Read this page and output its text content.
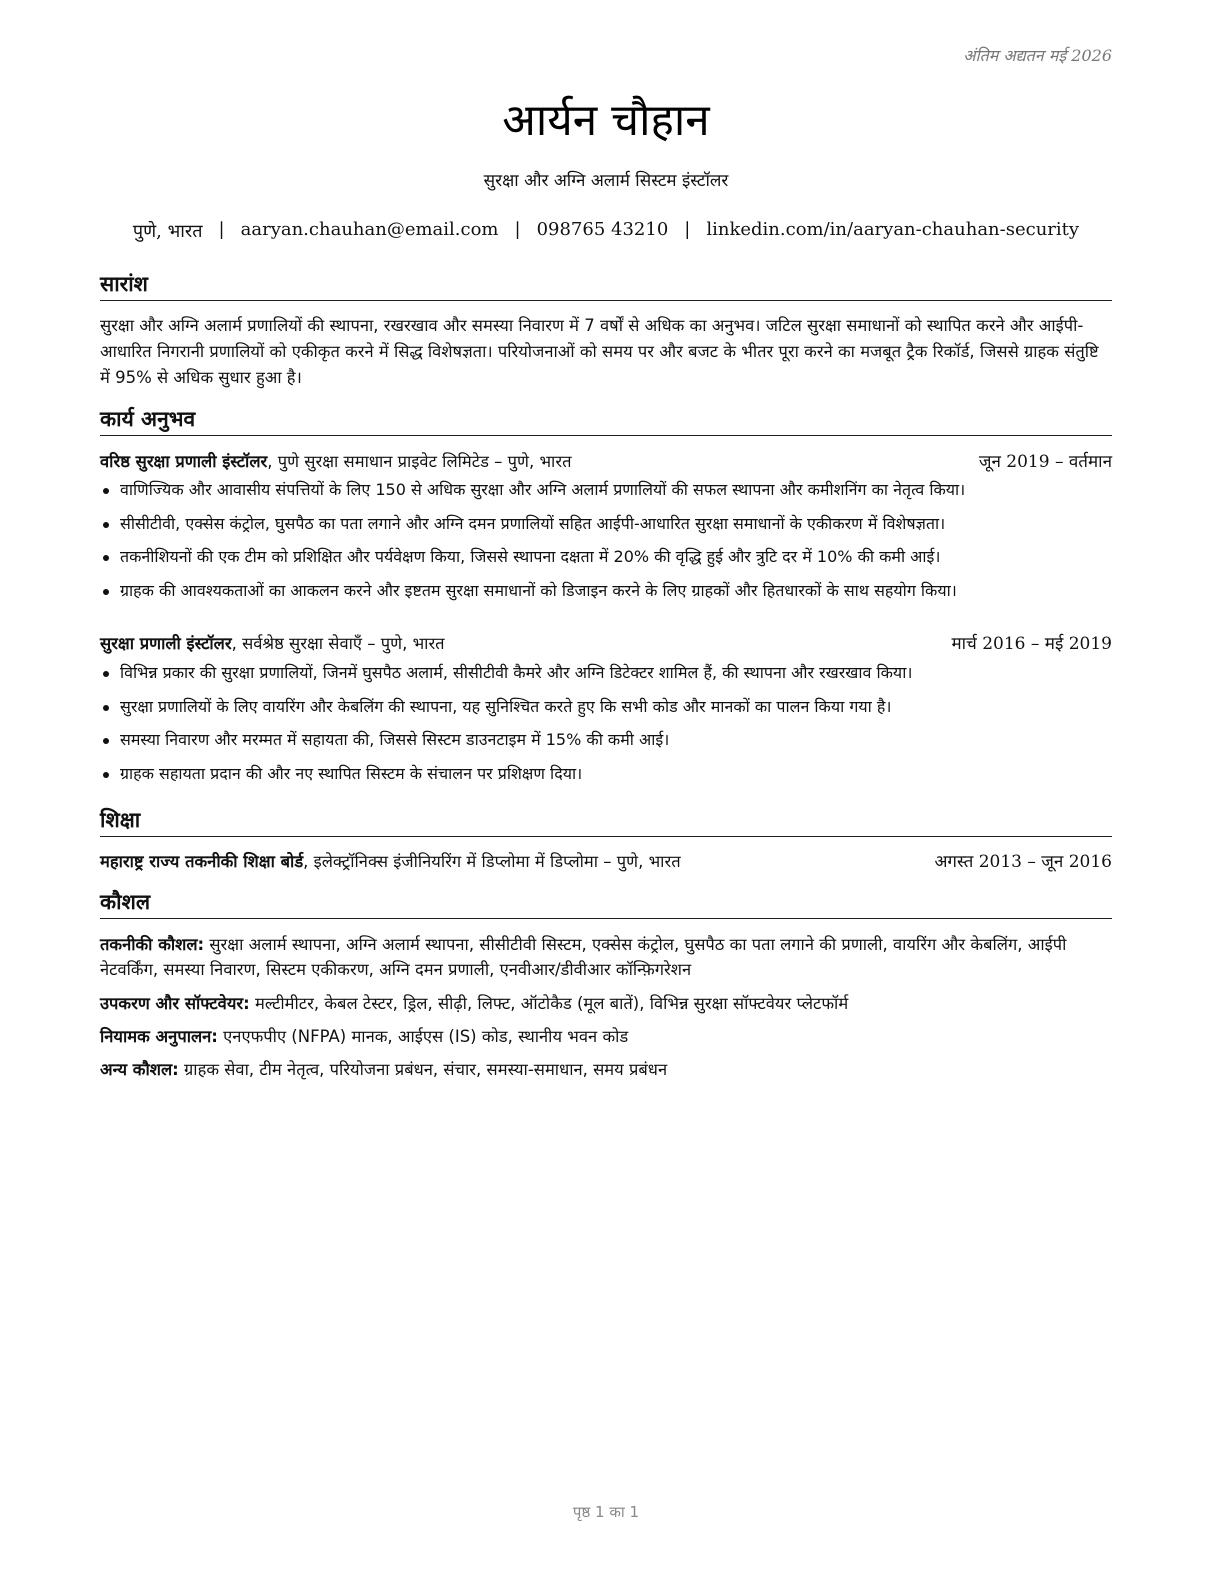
अंतिम अद्यतन मई 2026
आर्यन चौहान
सुरक्षा और अग्नि अलार्म सिस्टम इंस्टॉलर
पुणे, भारत | aaryan.chauhan@email.com | 098765 43210 | linkedin.com/in/aaryan-chauhan-security
सारांश
सुरक्षा और अग्नि अलार्म प्रणालियों की स्थापना, रखरखाव और समस्या निवारण में 7 वर्षों से अधिक का अनुभव। जटिल सुरक्षा समाधानों को स्थापित करने और आईपी-आधारित निगरानी प्रणालियों को एकीकृत करने में सिद्ध विशेषज्ञता। परियोजनाओं को समय पर और बजट के भीतर पूरा करने का मजबूत ट्रैक रिकॉर्ड, जिससे ग्राहक संतुष्टि में 95% से अधिक सुधार हुआ है।
कार्य अनुभव
वरिष्ठ सुरक्षा प्रणाली इंस्टॉलर, पुणे सुरक्षा समाधान प्राइवेट लिमिटेड – पुणे, भारत	जून 2019 – वर्तमान
वाणिज्यिक और आवासीय संपत्तियों के लिए 150 से अधिक सुरक्षा और अग्नि अलार्म प्रणालियों की सफल स्थापना और कमीशनिंग का नेतृत्व किया।
सीसीटीवी, एक्सेस कंट्रोल, घुसपैठ का पता लगाने और अग्नि दमन प्रणालियों सहित आईपी-आधारित सुरक्षा समाधानों के एकीकरण में विशेषज्ञता।
तकनीशियनों की एक टीम को प्रशिक्षित और पर्यवेक्षण किया, जिससे स्थापना दक्षता में 20% की वृद्धि हुई और त्रुटि दर में 10% की कमी आई।
ग्राहक की आवश्यकताओं का आकलन करने और इष्टतम सुरक्षा समाधानों को डिजाइन करने के लिए ग्राहकों और हितधारकों के साथ सहयोग किया।
सुरक्षा प्रणाली इंस्टॉलर, सर्वश्रेष्ठ सुरक्षा सेवाएँ – पुणे, भारत	मार्च 2016 – मई 2019
विभिन्न प्रकार की सुरक्षा प्रणालियों, जिनमें घुसपैठ अलार्म, सीसीटीवी कैमरे और अग्नि डिटेक्टर शामिल हैं, की स्थापना और रखरखाव किया।
सुरक्षा प्रणालियों के लिए वायरिंग और केबलिंग की स्थापना, यह सुनिश्चित करते हुए कि सभी कोड और मानकों का पालन किया गया है।
समस्या निवारण और मरम्मत में सहायता की, जिससे सिस्टम डाउनटाइम में 15% की कमी आई।
ग्राहक सहायता प्रदान की और नए स्थापित सिस्टम के संचालन पर प्रशिक्षण दिया।
शिक्षा
महाराष्ट्र राज्य तकनीकी शिक्षा बोर्ड, इलेक्ट्रॉनिक्स इंजीनियरिंग में डिप्लोमा में डिप्लोमा – पुणे, भारत	अगस्त 2013 – जून 2016
कौशल
तकनीकी कौशल: सुरक्षा अलार्म स्थापना, अग्नि अलार्म स्थापना, सीसीटीवी सिस्टम, एक्सेस कंट्रोल, घुसपैठ का पता लगाने की प्रणाली, वायरिंग और केबलिंग, आईपी नेटवर्किंग, समस्या निवारण, सिस्टम एकीकरण, अग्नि दमन प्रणाली, एनवीआर/डीवीआर कॉन्फ़िगरेशन
उपकरण और सॉफ्टवेयर: मल्टीमीटर, केबल टेस्टर, ड्रिल, सीढ़ी, लिफ्ट, ऑटोकैड (मूल बातें), विभिन्न सुरक्षा सॉफ्टवेयर प्लेटफॉर्म
नियामक अनुपालन: एनएफपीए (NFPA) मानक, आईएस (IS) कोड, स्थानीय भवन कोड
अन्य कौशल: ग्राहक सेवा, टीम नेतृत्व, परियोजना प्रबंधन, संचार, समस्या-समाधान, समय प्रबंधन
पृष्ठ 1 का 1
